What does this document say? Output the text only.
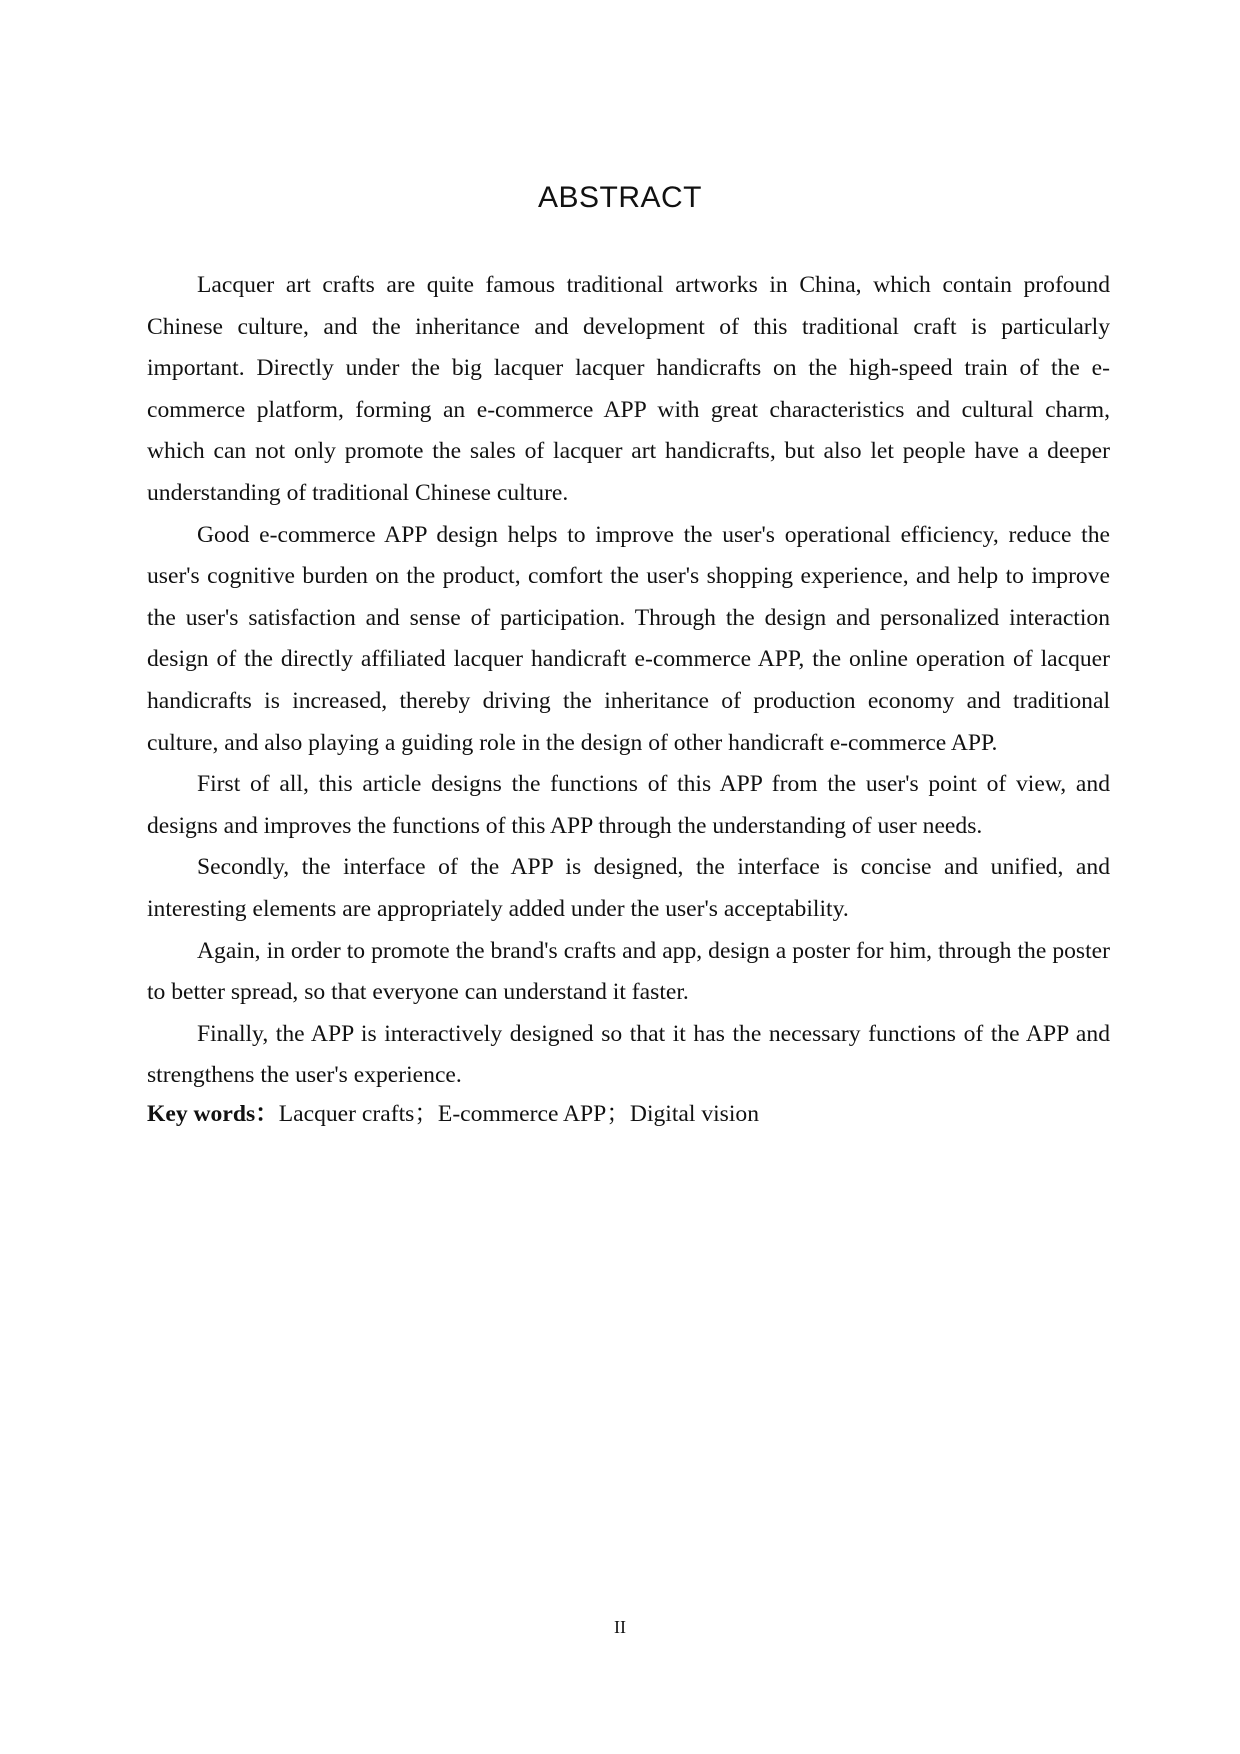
ABSTRACT

Lacquer art crafts are quite famous traditional artworks in China, which contain profound Chinese culture, and the inheritance and development of this traditional craft is particularly important. Directly under the big lacquer lacquer handicrafts on the high-speed train of the e-commerce platform, forming an e-commerce APP with great characteristics and cultural charm, which can not only promote the sales of lacquer art handicrafts, but also let people have a deeper understanding of traditional Chinese culture.

Good e-commerce APP design helps to improve the user's operational efficiency, reduce the user's cognitive burden on the product, comfort the user's shopping experience, and help to improve the user's satisfaction and sense of participation. Through the design and personalized interaction design of the directly affiliated lacquer handicraft e-commerce APP, the online operation of lacquer handicrafts is increased, thereby driving the inheritance of production economy and traditional culture, and also playing a guiding role in the design of other handicraft e-commerce APP.

First of all, this article designs the functions of this APP from the user's point of view, and designs and improves the functions of this APP through the understanding of user needs.

Secondly, the interface of the APP is designed, the interface is concise and unified, and interesting elements are appropriately added under the user's acceptability.

Again, in order to promote the brand's crafts and app, design a poster for him, through the poster to better spread, so that everyone can understand it faster.

Finally, the APP is interactively designed so that it has the necessary functions of the APP and strengthens the user's experience.

Key words：Lacquer crafts；E-commerce APP；Digital vision

II
